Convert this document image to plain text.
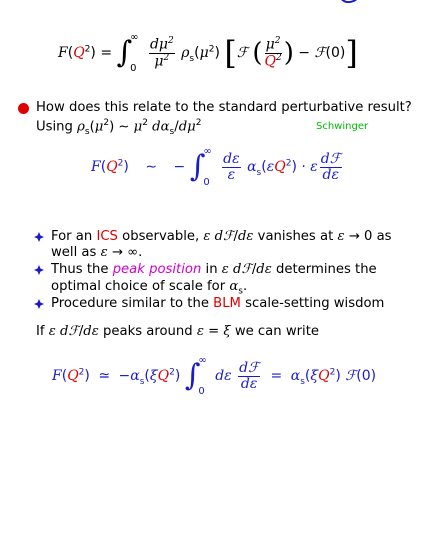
$F(Q^2)$ = ∫
∞
0
$\frac{d\mu^2}{\mu^2} \rho_s(\mu^2)$ [ℱ ( $\frac{\mu^2}{Q^2}$ ) − ℱ(0)]
How does this relate to the standard perturbative result?
Using $\rho_s(\mu^2)$ ∼ $\mu^2$ $d\alpha_s/d\mu^2$	Schwinger
$F(Q^2)$ ∼ − ∫
∞
0

$\frac{d\varepsilon}{\varepsilon} \alpha_s(\varepsilon Q^2) \cdot \varepsilon \frac{\text{dℱ}}{d\varepsilon}$
For an ICS observable, ε dℱ/dε vanishes at ε → 0 as
well as ε → ∞.
Thus the peak position in ε dℱ/dε determines the
optimal choice of scale for $\alpha_s$.
Procedure similar to the BLM scale-setting wisdom
If ε dℱ/dε peaks around ε = ξ we can write
$F(Q^2)$ ≃ $-\alpha_s(\xi Q^2)$ ∫
∞
0
dε $\frac{\text{dℱ}}{d\varepsilon} = \alpha_s(\xi Q^2)$ ℱ(0)
